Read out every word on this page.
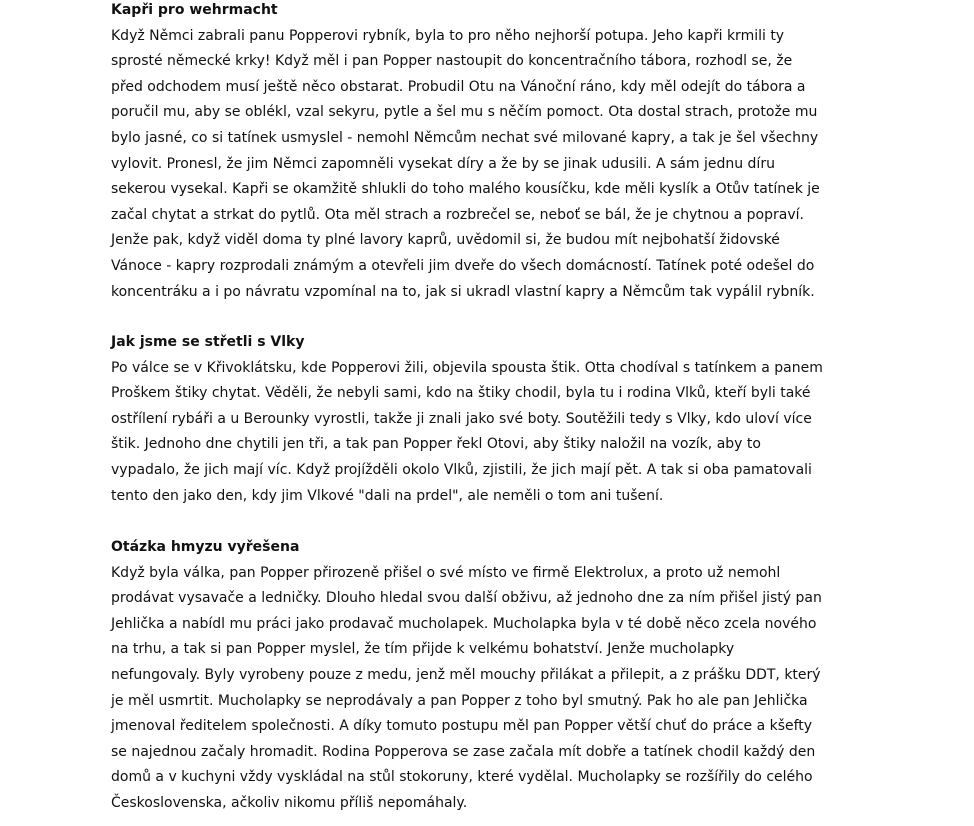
Kapři pro wehrmacht
Když Němci zabrali panu Popperovi rybník, byla to pro něho nejhorší potupa. Jeho kapři krmili ty
sprosté německé krky! Když měl i pan Popper nastoupit do koncentračního tábora, rozhodl se, že
před odchodem musí ještě něco obstarat. Probudil Otu na Vánoční ráno, kdy měl odejít do tábora a
poručil mu, aby se oblékl, vzal sekyru, pytle a šel mu s něčím pomoct. Ota dostal strach, protože mu
bylo jasné, co si tatínek usmyslel - nemohl Němcům nechat své milované kapry, a tak je šel všechny
vylovit. Pronesl, že jim Němci zapomněli vysekat díry a že by se jinak udusili. A sám jednu díru
sekerou vysekal. Kapři se okamžitě shlukli do toho malého kousíčku, kde měli kyslík a Otův tatínek je
začal chytat a strkat do pytlů. Ota měl strach a rozbrečel se, neboť se bál, že je chytnou a popraví.
Jenže pak, když viděl doma ty plné lavory kaprů, uvědomil si, že budou mít nejbohatší židovské
Vánoce - kapry rozprodali známým a otevřeli jim dveře do všech domácností. Tatínek poté odešel do
koncentráku a i po návratu vzpomínal na to, jak si ukradl vlastní kapry a Němcům tak vypálil rybník.
Jak jsme se střetli s Vlky
Po válce se v Křivoklátsku, kde Popperovi žili, objevila spousta štik. Otta chodíval s tatínkem a panem
Proškem štiky chytat. Věděli, že nebyli sami, kdo na štiky chodil, byla tu i rodina Vlků, kteří byli také
ostřílení rybáři a u Berounky vyrostli, takže ji znali jako své boty. Soutěžili tedy s Vlky, kdo uloví více
štik. Jednoho dne chytili jen tři, a tak pan Popper řekl Otovi, aby štiky naložil na vozík, aby to
vypadalo, že jich mají víc. Když projížděli okolo Vlků, zjistili, že jich mají pět. A tak si oba pamatovali
tento den jako den, kdy jim Vlkové "dali na prdel", ale neměli o tom ani tušení.
Otázka hmyzu vyřešena
Když byla válka, pan Popper přirozeně přišel o své místo ve firmě Elektrolux, a proto už nemohl
prodávat vysavače a ledničky. Dlouho hledal svou další obživu, až jednoho dne za ním přišel jistý pan
Jehlička a nabídl mu práci jako prodavač mucholapek. Mucholapka byla v té době něco zcela nového
na trhu, a tak si pan Popper myslel, že tím přijde k velkému bohatství. Jenže mucholapky
nefungovaly. Byly vyrobeny pouze z medu, jenž měl mouchy přilákat a přilepit, a z prášku DDT, který
je měl usmrtit. Mucholapky se neprodávaly a pan Popper z toho byl smutný. Pak ho ale pan Jehlička
jmenoval ředitelem společnosti. A díky tomuto postupu měl pan Popper větší chuť do práce a kšefty
se najednou začaly hromadit. Rodina Popperova se zase začala mít dobře a tatínek chodil každý den
domů a v kuchyni vždy vyskládal na stůl stokoruny, které vydělal. Mucholapky se rozšířily do celého
Československa, ačkoliv nikomu příliš nepomáhaly.
